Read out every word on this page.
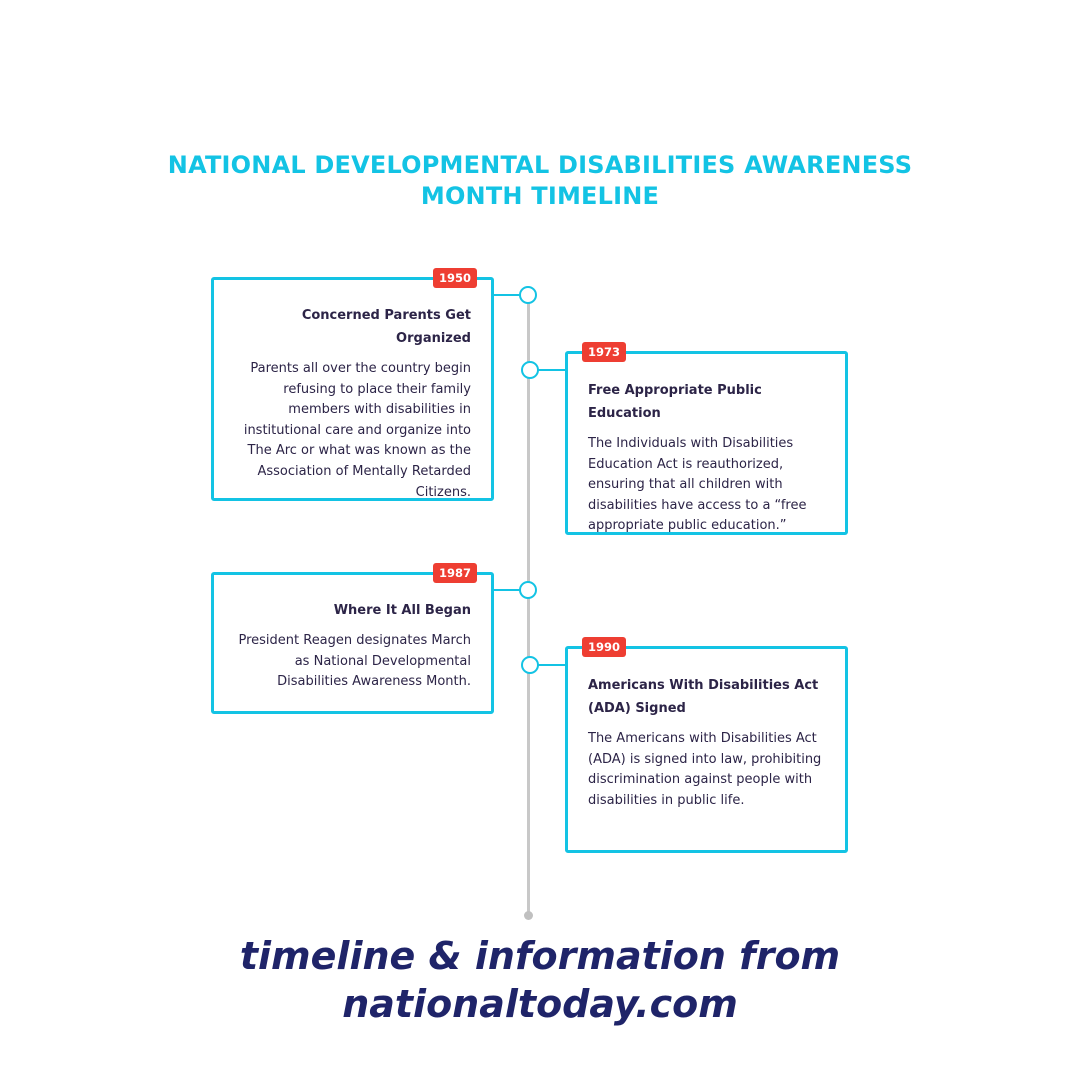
NATIONAL DEVELOPMENTAL DISABILITIES AWARENESS
MONTH TIMELINE
1950
Concerned Parents Get Organized
Parents all over the country begin refusing to place their family members with disabilities in institutional care and organize into The Arc or what was known as the Association of Mentally Retarded Citizens.
1973
Free Appropriate Public Education
The Individuals with Disabilities Education Act is reauthorized, ensuring that all children with disabilities have access to a “free appropriate public education.”
1987
Where It All Began
President Reagen designates March as National Developmental Disabilities Awareness Month.
1990
Americans With Disabilities Act (ADA) Signed
The Americans with Disabilities Act (ADA) is signed into law, prohibiting discrimination against people with disabilities in public life.
timeline & information from
nationaltoday.com
